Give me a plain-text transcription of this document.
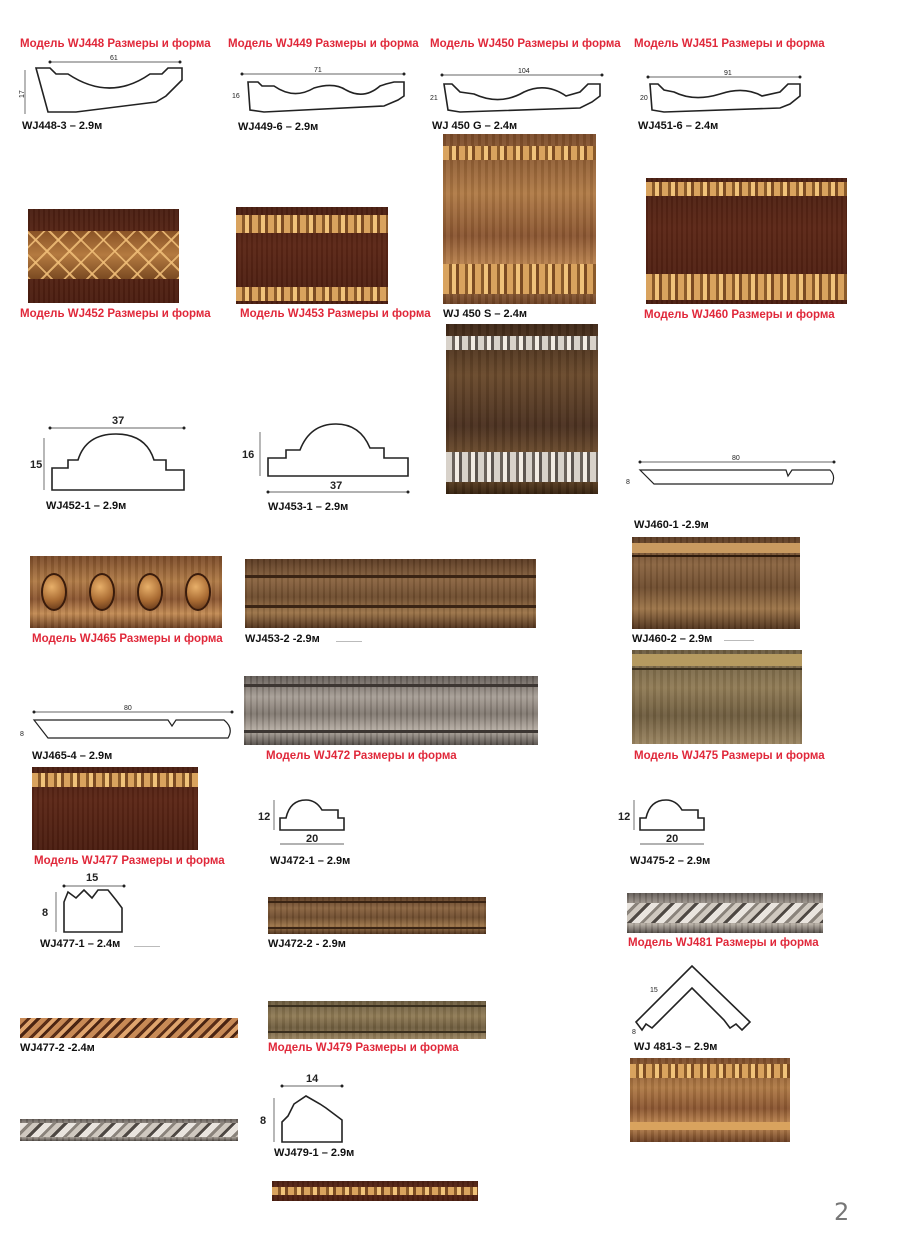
Модель WJ448 Размеры и форма Модель WJ449 Размеры и форма Модель WJ450 Размеры и форма Модель WJ451 Размеры и форма
61
17
WJ448-3 – 2.9м
71
16
WJ449-6 – 2.9м
104
21
WJ 450 G – 2.4м
91
20
WJ451-6 – 2.4м
Модель WJ452 Размеры и форма	Модель WJ453 Размеры и форма WJ 450 S – 2.4м	Модель WJ460 Размеры и форма
37
15
WJ452-1 – 2.9м
16
37
WJ453-1 – 2.9м
80
8
WJ460-1 -2.9м
Модель WJ465 Размеры и форма WJ453-2 -2.9м	WJ460-2 – 2.9м
Модель WJ475 Размеры и форма
Модель WJ472 Размеры и форма
80
8
WJ465-4 – 2.9м
Модель WJ477 Размеры и форма
12
20
WJ472-1 – 2.9м
12
20
WJ475-2 – 2.9м
15
8
WJ477-1 – 2.4м	WJ472-2 - 2.9м	Модель WJ481 Размеры и форма
15
8
WJ 481-3 – 2.9м
WJ477-2 -2.4м	Модель WJ479 Размеры и форма
14
8
WJ479-1 – 2.9м
2
